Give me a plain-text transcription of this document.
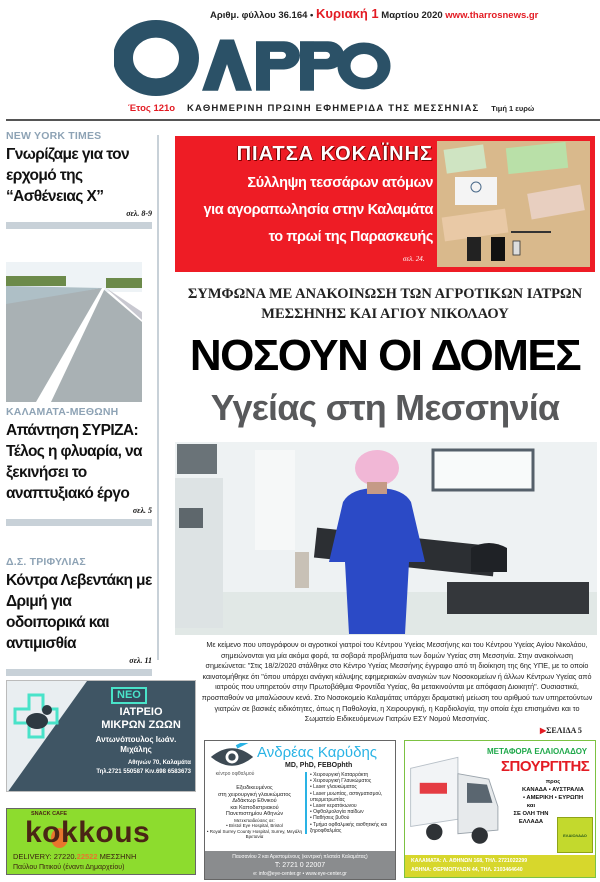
Αριθμ. φύλλου 36.164 • Κυριακή 1 Μαρτίου 2020 www.tharrosnews.gr
Έτος 121ο ΚΑΘΗΜΕΡΙΝΗ ΠΡΩΙΝΗ ΕΦΗΜΕΡΙΔΑ ΤΗΣ ΜΕΣΣΗΝΙΑΣ Τιμή 1 ευρώ
NEW YORK TIMES
Γνωρίζαμε για τον ερχομό της “Ασθένειας Χ”
σελ. 8-9
ΚΑΛΑΜΑΤΑ-ΜΕΘΩΝΗ
Απάντηση ΣΥΡΙΖΑ: Τέλος η φλυαρία, να ξεκινήσει το αναπτυξιακό έργο
σελ. 5
Δ.Σ. ΤΡΙΦΥΛΙΑΣ
Κόντρα Λεβεντάκη με Δριμή για οδοιπορικά και αντιμισθία
σελ. 11
ΠΙΑΤΣΑ ΚΟΚΑΪΝΗΣ
Σύλληψη τεσσάρων ατόμων
για αγοραπωλησία στην Καλαμάτα
το πρωί της Παρασκευής
σελ. 24.
ΣΥΜΦΩΝΑ ΜΕ ΑΝΑΚΟΙΝΩΣΗ ΤΩΝ ΑΓΡΟΤΙΚΩΝ ΙΑΤΡΩΝ
ΜΕΣΣΗΝΗΣ ΚΑΙ ΑΓΙΟΥ ΝΙΚΟΛΑΟΥ
ΝΟΣΟΥΝ ΟΙ ΔΟΜΕΣ
Υγείας στη Μεσσηνία
Με κείμενο που υπογράφουν οι αγροτικοί γιατροί του Κέντρου Υγείας Μεσσήνης και του Κέντρου Υγείας Αγίου Νικολάου, σημειώνονται για μία ακόμα φορά, τα σοβαρά προβλήματα των δομών Υγείας στη Μεσσηνία. Στην ανακοίνωση σημειώνεται: "Στις 18/2/2020 στάλθηκε στο Κέντρο Υγείας Μεσσήνης έγγραφο από τη διοίκηση της 6ης ΥΠΕ, με το οποίο καινοτομήθηκε ότι "όπου υπάρχει ανάγκη κάλυψης εφημεριακών αναγκών των Νοσοκομείων ή άλλων Κέντρων Υγείας από ιατρούς που υπηρετούν στην Πρωτοβάθμια Φροντίδα Υγείας, θα μετακινούνται με απόφαση Διοικητή". Ουσιαστικά, προσπαθούν να μπαλώσουν κενά. Στο Νοσοκομείο Καλαμάτας υπάρχει δραματική μείωση του αριθμού των υπηρετούντων γιατρών σε βασικές ειδικότητες, όπως η Παθολογία, η Χειρουργική, η Καρδιολογία, την οποία έχει επισημάνει και το Σωματείο Ειδικευόμενων Γιατρών ΕΣΥ Νομού Μεσσηνίας.
▶ΣΕΛΙΔΑ 5
ΝΕΟ
ΙΑΤΡΕΙΟ
ΜΙΚΡΩΝ ΖΩΩΝ
Αντωνόπουλος Ιωάν.
Μιχάλης
Αθηνών 70, Καλαμάτα
Τηλ.2721 550587 Κιν.698 6583673
kokkous
SNACK CAFE
DELIVERY: 27220.22522 ΜΕΣΣΗΝΗ
Παύλου Πιτικού (έναντι Δημαρχείου)
Ανδρέας Καρύδης
MD, PhD, FEBOphth
κέντρο οφθαλμού
Εξειδικευμένος
στη χειρουργική γλαυκώματος
Διδάκτωρ Εθνικού
και Καποδιστριακού
Πανεπιστημίου Αθηνών
Μετεκπαιδεύσεις σε:
• Bristol Eye Hospital, Bristol
• Royal Surrey County Hospital, Surrey, Μεγάλη Βρετανία
• Χειρουργική Καταρράκτη
• Χειρουργική Γλαυκώματος
• Laser γλαυκώματος
• Laser μυωπίας, αστιγματισμού, υπερμετρωπίας
• Laser κερατόκωνου
• Οφθαλμολογία παίδων
• Παθήσεις βυθού
• Τμήμα οφθαλμικής αισθητικής και ξηροφθαλμίας
Παυσανίου 2 και Αριστομένους (κεντρική πλατεία Καλαμάτας)
Τ: 2721 0 22007
e: info@eye-center.gr • www.eye-center.gr
ΜΕΤΑΦΟΡΑ ΕΛΑΙΟΛΑΔΟΥ
ΣΠΟΥΡΓΙΤΗΣ
προς
ΚΑΝΑΔΑ • ΑΥΣΤΡΑΛΙΑ
• ΑΜΕΡΙΚΗ • ΕΥΡΩΠΗ
και
ΣΕ ΟΛΗ ΤΗΝ ΕΛΛΑΔΑ
ΕΛΑΙΟΛΑΔΟ
ΚΑΛΑΜΑΤΑ: Λ. ΑΘΗΝΩΝ 168, ΤΗΛ. 2721022299
ΑΘΗΝΑ: ΘΕΡΜΟΠΥΛΩΝ 44, ΤΗΛ. 2103464640
